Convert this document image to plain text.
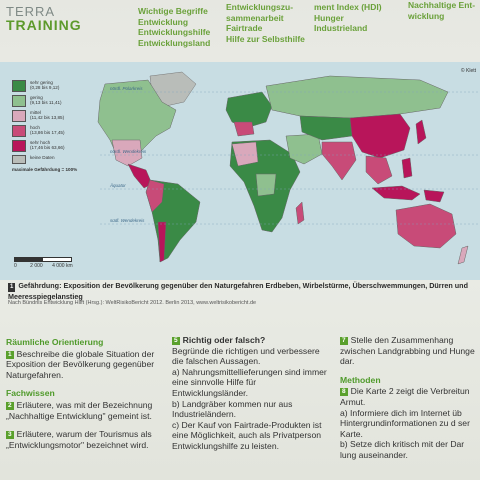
TERRA
TRAINING
Wichtige Begriffe
Entwicklung
Entwicklungshilfe
Entwicklungsland
Entwicklungszu-
sammenarbeit
Fairtrade
Hilfe zur Selbsthilfe
ment Index (HDI)
Hunger
Industrieland
Nachhaltige Ent-
wicklung
sehr gering
(0,28 bis 9,12)
gering
(9,13 bis 11,41)
mittel
(11,42 bis 13,85)
hoch
(13,86 bis 17,45)
sehr hoch
(17,46 bis 63,66)
keine Daten
maximale Gefährdung = 100%
© Klett
nördl. Polarkreis
nördl. Wendekreis
Äquator
südl. Wendekreis
0	2 000 4 000 km
1 Gefährdung: Exposition der Bevölkerung gegenüber den Naturgefahren Erdbeben, Wirbelstürme, Überschwemmungen, Dürren und Meeresspiegelanstieg
Nach Bündnis Entwicklung Hilft (Hrsg.): WeltRisikoBericht 2012. Berlin 2013, www.weltrisikobericht.de
Räumliche Orientierung
1 Beschreibe die globale Situation der Exposition der Bevölkerung gegenüber Naturgefahren.
Fachwissen
2 Erläutere, was mit der Bezeichnung „Nachhaltige Entwicklung" gemeint ist.
3 Erläutere, warum der Tourismus als „Entwicklungsmotor" bezeichnet wird.
5 Richtig oder falsch?
Begründe die richtigen und verbessere die falschen Aussagen.
a) Nahrungsmittellieferungen sind immer eine sinnvolle Hilfe für Entwicklungsländer.
b) Landgräber kommen nur aus Industrieländern.
c) Der Kauf von Fairtrade-Produkten ist eine Möglichkeit, auch als Privatperson Entwicklungshilfe zu leisten.
7 Stelle den Zusammenhang zwischen Landgrabbing und Hunge dar.
Methoden
8 Die Karte 2 zeigt die Verbreitun Armut.
a) Informiere dich im Internet üb Hintergrundinformationen zu d ser Karte.
b) Setze dich kritisch mit der Dar lung auseinander.
